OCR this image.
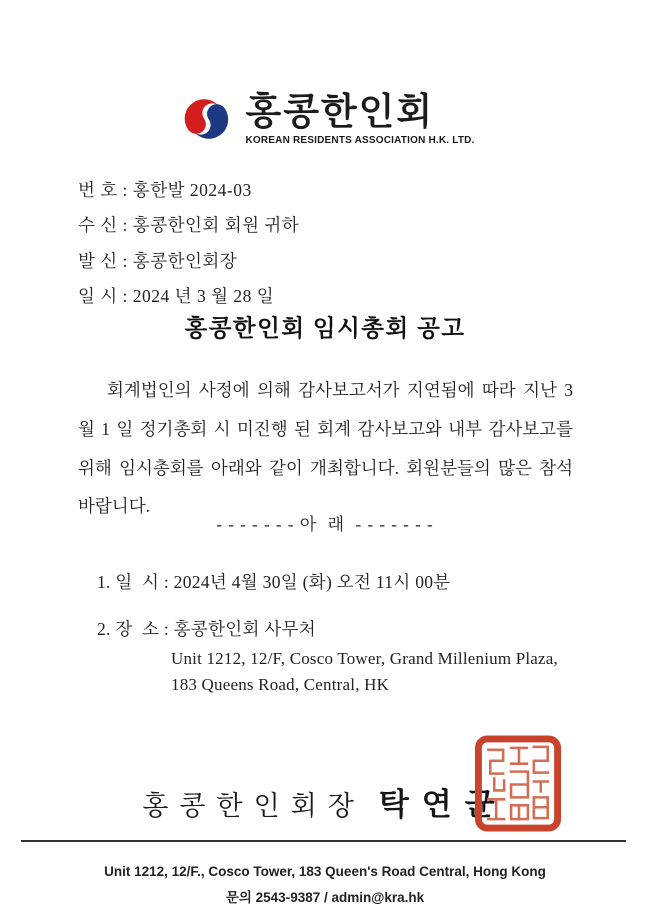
홍콩한인회
KOREAN RESIDENTS ASSOCIATION H.K. LTD.
번 호 : 홍한발 2024-03
수 신 : 홍콩한인회 회원 귀하
발 신 : 홍콩한인회장
일 시 : 2024 년 3 월 28 일
홍콩한인회 임시총회 공고
회계법인의 사정에 의해 감사보고서가 지연됨에 따라 지난 3 월 1 일 정기총회 시 미진행 된 회계 감사보고와 내부 감사보고를 위해 임시총회를 아래와 같이 개최합니다. 회원분들의 많은 참석 바랍니다.
- - - - - - - 아  래  - - - - - - -
1. 일  시 : 2024년 4월 30일 (화) 오전 11시 00분
2. 장  소 : 홍콩한인회 사무처
Unit 1212, 12/F, Cosco Tower, Grand Millenium Plaza,
183 Queens Road, Central, HK
홍콩한인회장 탁연균
Unit 1212, 12/F., Cosco Tower, 183 Queen's Road Central, Hong Kong
문의 2543-9387 / admin@kra.hk
